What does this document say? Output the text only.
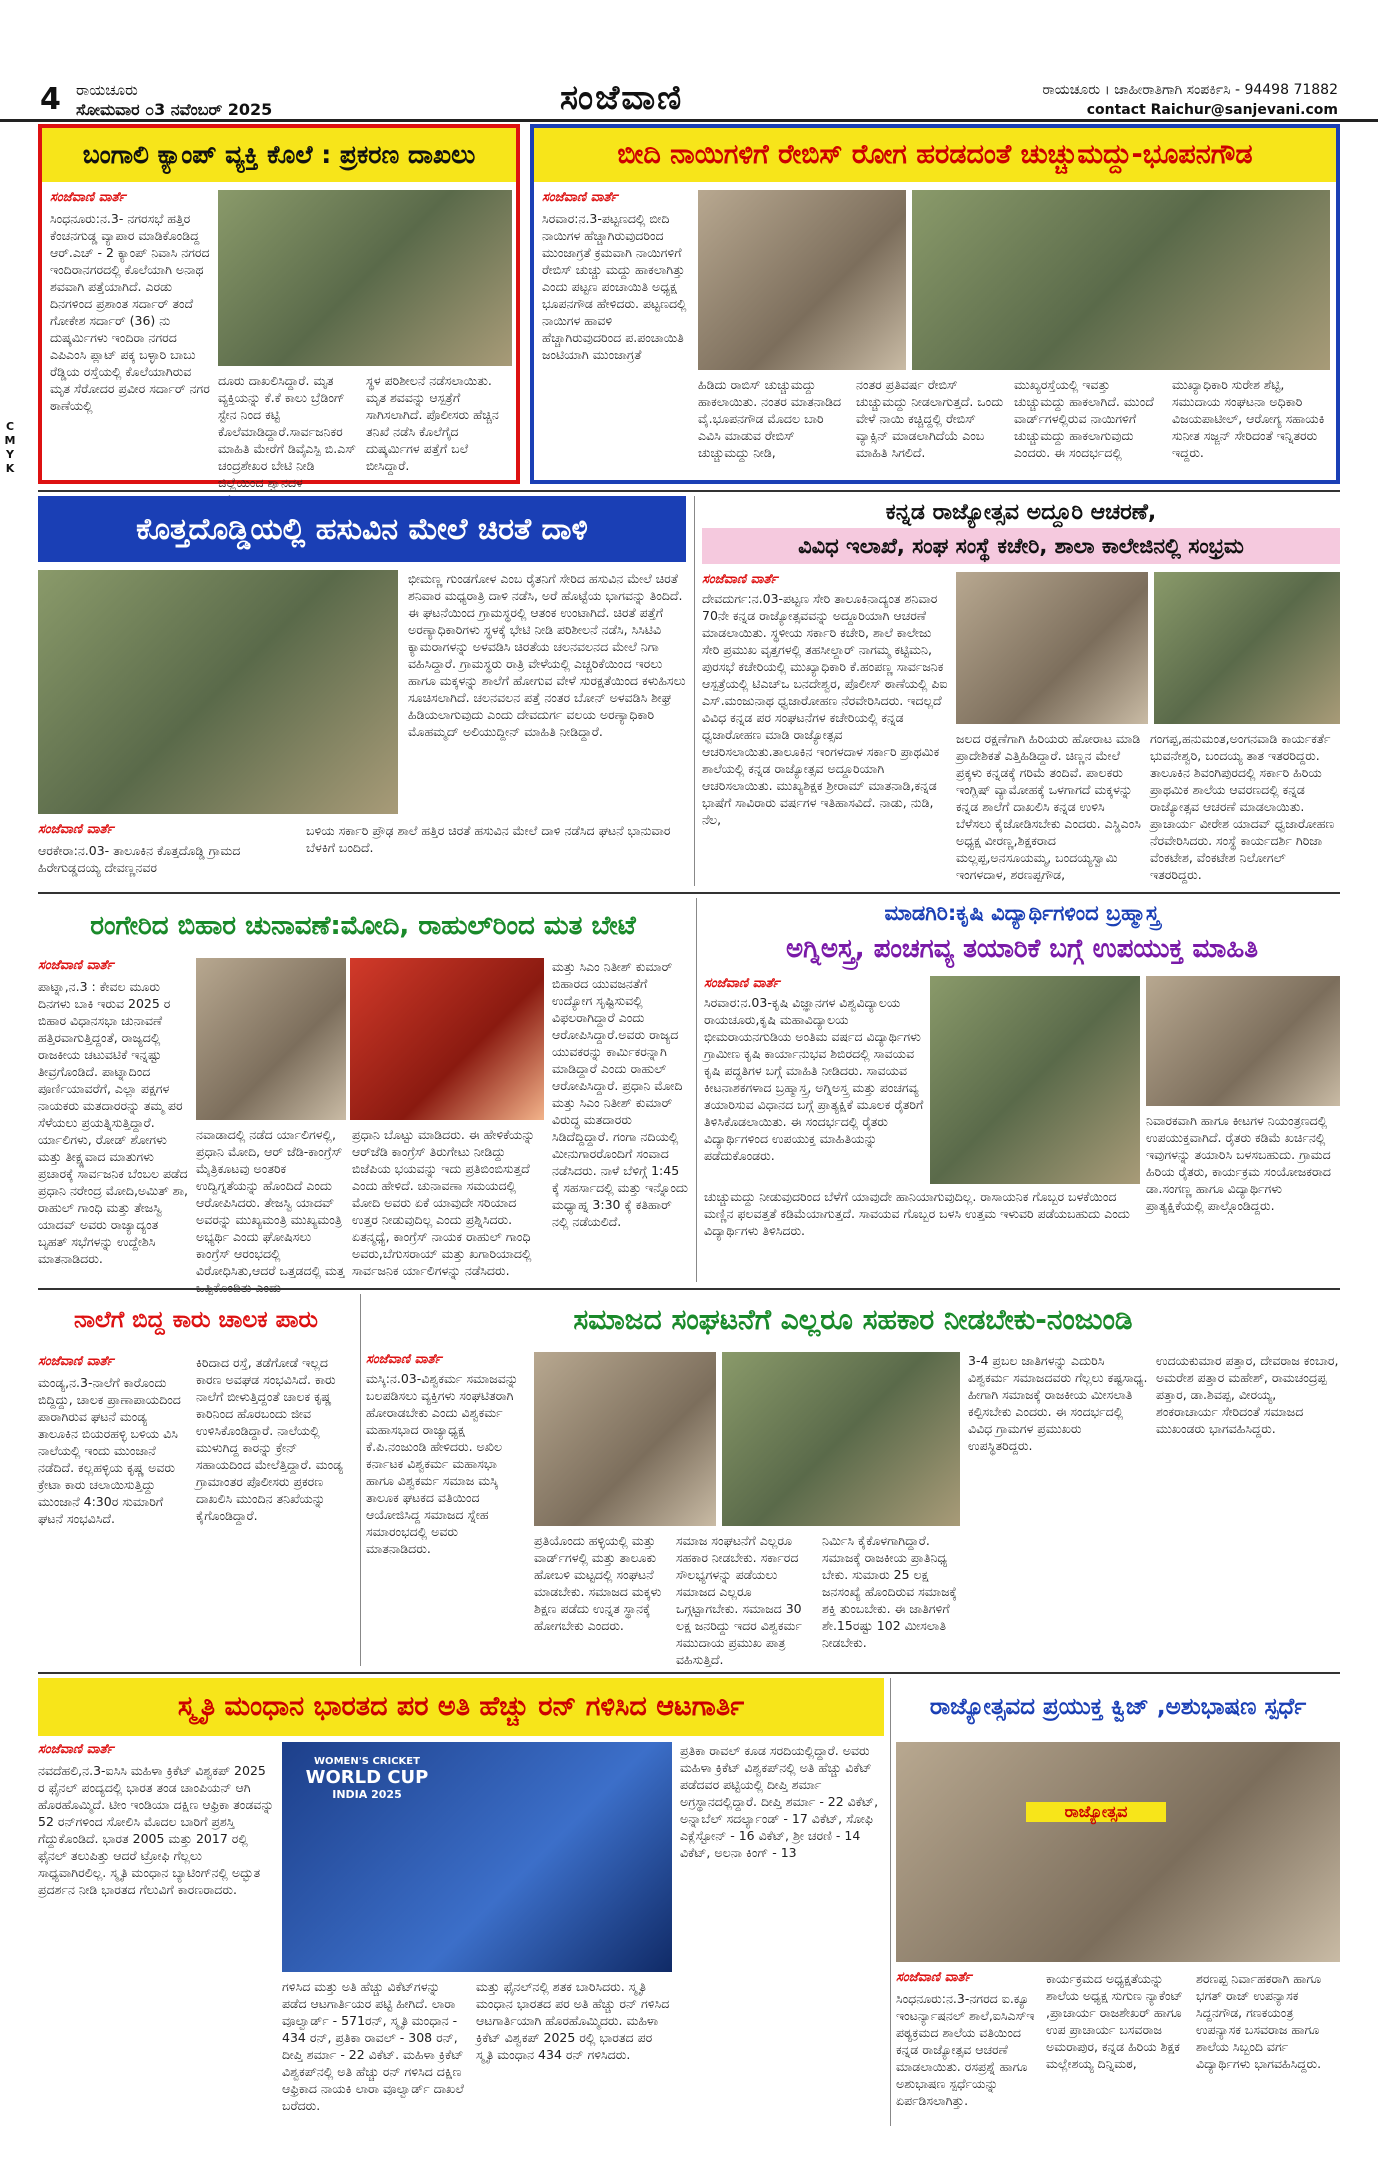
4 ರಾಯಚೂರು
ಸೋಮವಾರ ೦3 ನವೆಂಬರ್ 2025	ಸಂಜೆವಾಣಿ	ರಾಯಚೂರು । ಜಾಹೀರಾತಿಗಾಗಿ ಸಂಪರ್ಕಿಸಿ - 94498 71882
contact Raichur@sanjevani.com
C M Y K
ಬಂಗಾಲಿ ಕ್ಯಾಂಪ್ ವ್ಯಕ್ತಿ ಕೊಲೆ : ಪ್ರಕರಣ ದಾಖಲು
ಸಂಜೆವಾಣಿ ವಾರ್ತೆ
ಸಿಂಧನೂರು:ನ.3- ನಗರಸಭೆ ಹತ್ತಿರ ಕೆಂಚನಗುಡ್ಡ ವ್ಯಾಪಾರ ಮಾಡಿಕೊಂಡಿದ್ದ ಆರ್.ಎಚ್ - 2 ಕ್ಯಾಂಪ್ ನಿವಾಸಿ ನಗರದ ಇಂದಿರಾನಗರದಲ್ಲಿ ಕೊಲೆಯಾಗಿ ಅನಾಥ ಶವವಾಗಿ ಪತ್ತೆಯಾಗಿದೆ. ಎರಡು ದಿನಗಳಿಂದ ಪ್ರಶಾಂತ ಸರ್ದಾರ್ ತಂದೆ ಗೋಕೇಶ ಸರ್ದಾರ್ (36) ನು ದುಷ್ಕರ್ಮಿಗಳು ಇಂದಿರಾ ನಗರದ ಎಪಿಎಂಸಿ ಪ್ಲಾಟ್ ಪಕ್ಕ ಬಳ್ಳಾರಿ ಬಾಬು ರೆಡ್ಡಿಯ ರಸ್ತೆಯಲ್ಲಿ ಕೊಲೆಯಾಗಿರುವ ಮೃತ ಸೆರೋದರ ಪ್ರವೀರ ಸರ್ದಾರ್ ನಗರ ಠಾಣೆಯಲ್ಲಿ
ದೂರು ದಾಖಲಿಸಿದ್ದಾರೆ. ಮೃತ ವ್ಯಕ್ತಿಯನ್ನು ಕೆ.ಕೆ ಕಾಲು ಬ್ರೆಡಿಂಗ್ ಸ್ಟೇನ ನಿಂದ ಕಟ್ಟಿ ಕೊಲೆಮಾಡಿದ್ದಾರೆ.ಸಾರ್ವಜನಿಕರ ಮಾಹಿತಿ ಮೇರೆಗೆ ಡಿವೈಎಸ್ಪಿ ಬಿ.ಎಸ್ ಚಂದ್ರಶೇಖರ ಬೇಟಿ ನೀಡಿ ಜಿಲ್ಲೆಯಿಂದ ಶ್ವಾನದಳ
ಸ್ಥಳ ಪರಿಶೀಲನೆ ನಡೆಸಲಾಯಿತು. ಮೃತ ಶವವನ್ನು ಆಸ್ಪತ್ರೆಗೆ ಸಾಗಿಸಲಾಗಿದೆ. ಪೊಲೀಸರು ಹೆಚ್ಚಿನ ತನಿಖೆ ನಡೆಸಿ ಕೊಲೆಗೈದ ದುಷ್ಕರ್ಮಿಗಳ ಪತ್ತೆಗೆ ಬಲೆ ಬೀಸಿದ್ದಾರೆ.
ಬೀದಿ ನಾಯಿಗಳಿಗೆ ರೇಬಿಸ್ ರೋಗ ಹರಡದಂತೆ ಚುಚ್ಚುಮದ್ದು-ಭೂಪನಗೌಡ
ಸಂಜೆವಾಣಿ ವಾರ್ತೆ
ಸಿರವಾರ:ನ.3-ಪಟ್ಟಣದಲ್ಲಿ ಬೀದಿ ನಾಯಿಗಳ ಹೆಚ್ಚಾಗಿರುವುದರಿಂದ ಮುಂಜಾಗ್ರತೆ ಕ್ರಮವಾಗಿ ನಾಯಿಗಳಿಗೆ ರೇಬಿಸ್ ಚುಚ್ಚು ಮದ್ದು ಹಾಕಲಾಗಿತ್ತು ಎಂದು ಪಟ್ಟಣ ಪಂಚಾಯಿತಿ ಅಧ್ಯಕ್ಷ ಭೂಪನಗೌಡ ಹೇಳಿದರು. ಪಟ್ಟಣದಲ್ಲಿ ನಾಯಿಗಳ ಹಾವಳಿ ಹೆಚ್ಚಾಗಿರುವುದರಿಂದ ಪ.ಪಂಚಾಯಿತಿ ಜಂಟಿಯಾಗಿ ಮುಂಜಾಗ್ರತೆ
ಹಿಡಿದು ರಾಬಿಸ್ ಚುಚ್ಚುಮದ್ದು ಹಾಕಲಾಯಿತು. ನಂತರ ಮಾತನಾಡಿದ ವೈ.ಭೂಪನಗೌಡ ಮೊದಲ ಬಾರಿ ಎವಿಸಿ ಮಾಡುವ ರೇಬಿಸ್ ಚುಚ್ಚುಮದ್ದು ನೀಡಿ,
ನಂತರ ಪ್ರತಿವರ್ಷ ರೇಬಿಸ್ ಚುಚ್ಚುಮದ್ದು ನೀಡಲಾಗುತ್ತದೆ. ಒಂದು ವೇಳೆ ನಾಯಿ ಕಚ್ಚಿದ್ದಲ್ಲಿ ರೇಬಿಸ್ ವ್ಯಾಕ್ಸಿನ್ ಮಾಡಲಾಗಿದೆಯೆ ಎಂಬ ಮಾಹಿತಿ ಸಿಗಲಿದೆ.
ಮುಖ್ಯರಸ್ತೆಯಲ್ಲಿ ಇವತ್ತು ಚುಚ್ಚುಮದ್ದು ಹಾಕಲಾಗಿದೆ. ಮುಂದೆ ವಾರ್ಡ್‌ಗಳಲ್ಲಿರುವ ನಾಯಿಗಳಿಗೆ ಚುಚ್ಚುಮದ್ದು ಹಾಕಲಾಗುವುದು ಎಂದರು. ಈ ಸಂದರ್ಭದಲ್ಲಿ
ಮುಖ್ಯಾಧಿಕಾರಿ ಸುರೇಶ ಶೆಟ್ಟಿ, ಸಮುದಾಯ ಸಂಘಟನಾ ಅಧಿಕಾರಿ ವಿಜಯಪಾಟೀಲ್, ಆರೋಗ್ಯ ಸಹಾಯಕಿ ಸುನೀತ ಸಜ್ಜನ್ ಸೇರಿದಂತೆ ಇನ್ನಿತರರು ಇದ್ದರು.
ಕೊತ್ತದೊಡ್ಡಿಯಲ್ಲಿ ಹಸುವಿನ ಮೇಲೆ ಚಿರತೆ ದಾಳಿ
ಭೀಮಣ್ಣ ಗುಂಡಗೋಳ ಎಂಬ ರೈತನಿಗೆ ಸೇರಿದ ಹಸುವಿನ ಮೇಲೆ ಚಿರತೆ ಶನಿವಾರ ಮಧ್ಯರಾತ್ರಿ ದಾಳಿ ನಡೆಸಿ, ಅರೆ ಹೊಟ್ಟೆಯ ಭಾಗವನ್ನು ತಿಂದಿದೆ. ಈ ಘಟನೆಯಿಂದ ಗ್ರಾಮಸ್ಥರಲ್ಲಿ ಆತಂಕ ಉಂಟಾಗಿದೆ. ಚಿರತೆ ಪತ್ತೆಗೆ ಅರಣ್ಯಾಧಿಕಾರಿಗಳು ಸ್ಥಳಕ್ಕೆ ಭೇಟಿ ನೀಡಿ ಪರಿಶೀಲನೆ ನಡೆಸಿ, ಸಿಸಿಟಿವಿ ಕ್ಯಾಮರಾಗಳನ್ನು ಅಳವಡಿಸಿ ಚಿರತೆಯ ಚಲನವಲನದ ಮೇಲೆ ನಿಗಾ ವಹಿಸಿದ್ದಾರೆ. ಗ್ರಾಮಸ್ಥರು ರಾತ್ರಿ ವೇಳೆಯಲ್ಲಿ ಎಚ್ಚರಿಕೆಯಿಂದ ಇರಲು ಹಾಗೂ ಮಕ್ಕಳನ್ನು ಶಾಲೆಗೆ ಹೋಗುವ ವೇಳೆ ಸುರಕ್ಷತೆಯಿಂದ ಕಳುಹಿಸಲು ಸೂಚಿಸಲಾಗಿದೆ. ಚಲನವಲನ ಪತ್ತೆ ನಂತರ ಬೋನ್ ಅಳವಡಿಸಿ ಶೀಘ್ರ ಹಿಡಿಯಲಾಗುವುದು ಎಂದು ದೇವದುರ್ಗ ವಲಯ ಅರಣ್ಯಾಧಿಕಾರಿ ಮೊಹಮ್ಮದ್ ಅಲಿಯುದ್ದೀನ್ ಮಾಹಿತಿ ನೀಡಿದ್ದಾರೆ.
ಸಂಜೆವಾಣಿ ವಾರ್ತೆ
ಆರಕೇರಾ:ನ.03- ತಾಲೂಕಿನ ಕೊತ್ತದೊಡ್ಡಿ ಗ್ರಾಮದ ಹಿರೇಗುಡ್ಡದಯ್ಯ ದೇವಣ್ಣನವರ
ಬಳಿಯ ಸರ್ಕಾರಿ ಪ್ರೌಢ ಶಾಲೆ ಹತ್ತಿರ ಚಿರತೆ ಹಸುವಿನ ಮೇಲೆ ದಾಳಿ ನಡೆಸಿದ ಘಟನೆ ಭಾನುವಾರ ಬೆಳಕಿಗೆ ಬಂದಿದೆ.
ಕನ್ನಡ ರಾಜ್ಯೋತ್ಸವ ಅದ್ದೂರಿ ಆಚರಣೆ,
ವಿವಿಧ ಇಲಾಖೆ, ಸಂಘ ಸಂಸ್ಥೆ ಕಚೇರಿ, ಶಾಲಾ ಕಾಲೇಜಿನಲ್ಲಿ ಸಂಭ್ರಮ
ಸಂಜೆವಾಣಿ ವಾರ್ತೆ
ದೇವದುರ್ಗ:ನ.03-ಪಟ್ಟಣ ಸೇರಿ ತಾಲೂಕಿನಾದ್ಯಂತ ಶನಿವಾರ 70ನೇ ಕನ್ನಡ ರಾಜ್ಯೋತ್ಸವವನ್ನು ಅದ್ದೂರಿಯಾಗಿ ಆಚರಣೆ ಮಾಡಲಾಯಿತು. ಸ್ಥಳೀಯ ಸರ್ಕಾರಿ ಕಚೇರಿ, ಶಾಲೆ ಕಾಲೇಜು ಸೇರಿ ಪ್ರಮುಖ ವೃತ್ತಗಳಲ್ಲಿ ತಹಸೀಲ್ದಾರ್ ನಾಗಮ್ಮ ಕಟ್ಟಿಮನಿ, ಪುರಸಭೆ ಕಚೇರಿಯಲ್ಲಿ ಮುಖ್ಯಾಧಿಕಾರಿ ಕೆ.ಹಂಪಣ್ಣ ಸಾರ್ವಜನಿಕ ಆಸ್ಪತ್ರೆಯಲ್ಲಿ ಟಿಎಚ್‌ಒ ಬನದೇಶ್ವರ, ಪೊಲೀಸ್ ಠಾಣೆಯಲ್ಲಿ ಪಿಐ ಎಸ್.ಮಂಜುನಾಥ ಧ್ವಜಾರೋಹಣ ನೆರವೇರಿಸಿದರು. ಇದಲ್ಲದೆ ವಿವಿಧ ಕನ್ನಡ ಪರ ಸಂಘಟನೆಗಳ ಕಚೇರಿಯಲ್ಲಿ ಕನ್ನಡ ಧ್ವಜಾರೋಹಣ ಮಾಡಿ ರಾಜ್ಯೋತ್ಸವ ಆಚರಿಸಲಾಯಿತು.ತಾಲೂಕಿನ ಇಂಗಳದಾಳ ಸರ್ಕಾರಿ ಪ್ರಾಥಮಿಕ ಶಾಲೆಯಲ್ಲಿ ಕನ್ನಡ ರಾಜ್ಯೋತ್ಸವ ಅದ್ದೂರಿಯಾಗಿ ಆಚರಿಸಲಾಯಿತು. ಮುಖ್ಯಶಿಕ್ಷಕ ಶ್ರೀರಾಮ್ ಮಾತನಾಡಿ,ಕನ್ನಡ ಭಾಷೆಗೆ ಸಾವಿರಾರು ವರ್ಷಗಳ ಇತಿಹಾಸವಿದೆ. ನಾಡು, ನುಡಿ, ನೆಲ,
ಜಲದ ರಕ್ಷಣೆಗಾಗಿ ಹಿರಿಯರು ಹೋರಾಟ ಮಾಡಿ ಪ್ರಾದೇಶಿಕತೆ ಎತ್ತಿಹಿಡಿದ್ದಾರೆ. ಚಿಣ್ಣನ ಮೇಲೆ ಪ್ರಕ್ಕಳು ಕನ್ನಡಕ್ಕೆ ಗರಿಮೆ ತಂದಿವೆ. ಪಾಲಕರು ಇಂಗ್ಲಿಷ್ ವ್ಯಾಮೋಹಕ್ಕೆ ಒಳಗಾಗದೆ ಮಕ್ಕಳನ್ನು ಕನ್ನಡ ಶಾಲೆಗೆ ದಾಖಲಿಸಿ ಕನ್ನಡ ಉಳಿಸಿ ಬೆಳೆಸಲು ಕೈಜೋಡಿಸಬೇಕು ಎಂದರು. ಎಸ್ಡಿಎಂಸಿ ಅಧ್ಯಕ್ಷ ವೀರಣ್ಣ,ಶಿಕ್ಷಕರಾದ ಮಲ್ಲಪ್ಪ,ಅನಸೂಯಮ್ಮ, ಬಂದಯ್ಯಸ್ವಾಮಿ ಇಂಗಳದಾಳ, ಶರಣಪ್ಪಗೌಡ,
ಗಂಗಪ್ಪ,ಹನುಮಂತ,ಅಂಗನವಾಡಿ ಕಾರ್ಯಕರ್ತೆ ಭುವನೇಶ್ವರಿ, ಬಂದಯ್ಯ ತಾತ ಇತರರಿದ್ದರು. ತಾಲೂಕಿನ ಶಿವಂಗಿಪುರದಲ್ಲಿ ಸರ್ಕಾರಿ ಹಿರಿಯ ಪ್ರಾಥಮಿಕ ಶಾಲೆಯ ಆವರಣದಲ್ಲಿ ಕನ್ನಡ ರಾಜ್ಯೋತ್ಸವ ಆಚರಣೆ ಮಾಡಲಾಯಿತು. ಪ್ರಾಚಾರ್ಯ ವೀರೇಶ ಯಾದವ್ ಧ್ವಜಾರೋಹಣ ನೆರವೇರಿಸಿದರು. ಸಂಸ್ಥೆ ಕಾರ್ಯದರ್ಶಿ ಗಿರಿಜಾ ವೆಂಕಟೇಶ, ವೆಂಕಟೇಶ ನಿಲೋಗಲ್ ಇತರರಿದ್ದರು.
ರಂಗೇರಿದ ಬಿಹಾರ ಚುನಾವಣೆ:ಮೋದಿ, ರಾಹುಲ್‌ರಿಂದ ಮತ ಬೇಟೆ
ಸಂಜೆವಾಣಿ ವಾರ್ತೆ
ಪಾಟ್ನಾ,ನ.3 : ಕೇವಲ ಮೂರು ದಿನಗಳು ಬಾಕಿ ಇರುವ 2025 ರ ಬಿಹಾರ ವಿಧಾನಸಭಾ ಚುನಾವಣೆ ಹತ್ತಿರವಾಗುತ್ತಿದ್ದಂತೆ, ರಾಜ್ಯದಲ್ಲಿ ರಾಜಕೀಯ ಚಟುವಟಿಕೆ ಇನ್ನಷ್ಟು ತೀವ್ರಗೊಂಡಿದೆ. ಪಾಟ್ನಾದಿಂದ ಪೂರ್ಣಿಯಾವರೆಗೆ, ಎಲ್ಲಾ ಪಕ್ಷಗಳ ನಾಯಕರು ಮತದಾರರನ್ನು ತಮ್ಮ ಪರ ಸೆಳೆಯಲು ಪ್ರಯತ್ನಿಸುತ್ತಿದ್ದಾರೆ. ರ್ಯಾಲಿಗಳು, ರೋಡ್ ಶೋಗಳು ಮತ್ತು ತೀಕ್ಷ್ಣವಾದ ಮಾತುಗಳು ಪ್ರಚಾರಕ್ಕೆ ಸಾರ್ವಜನಿಕ ಬೆಂಬಲ ಪಡೆದ ಪ್ರಧಾನಿ ನರೇಂದ್ರ ಮೋದಿ,ಅಮಿತ್ ಶಾ, ರಾಹುಲ್ ಗಾಂಧಿ ಮತ್ತು ತೇಜಸ್ವಿ ಯಾದವ್ ಅವರು ರಾಜ್ಯಾದ್ಯಂತ ಬೃಹತ್ ಸಭೆಗಳನ್ನು ಉದ್ದೇಶಿಸಿ ಮಾತನಾಡಿದರು.
ನವಾಡಾದಲ್ಲಿ ನಡೆದ ರ್ಯಾಲಿಗಳಲ್ಲಿ, ಪ್ರಧಾನಿ ಮೋದಿ, ಆರ್ ಜೆಡಿ-ಕಾಂಗ್ರೆಸ್ ಮೈತ್ರಿಕೂಟವು ಅಂತರಿಕ ಉದ್ವಿಗ್ನತೆಯನ್ನು ಹೊಂದಿದೆ ಎಂದು ಆರೋಪಿಸಿದರು. ತೇಜಸ್ವಿ ಯಾದವ್ ಅವರನ್ನು ಮುಖ್ಯಮಂತ್ರಿ ಮುಖ್ಯಮಂತ್ರಿ ಅಭ್ಯರ್ಥಿ ಎಂದು ಘೋಷಿಸಲು ಕಾಂಗ್ರೆಸ್ ಆರಂಭದಲ್ಲಿ ವಿರೋಧಿಸಿತು,ಆದರೆ ಒತ್ತಡದಲ್ಲಿ ಮತ್ತ
ಪ್ರಧಾನಿ ಬೊಟ್ಟು ಮಾಡಿದರು. ಈ ಹೇಳಿಕೆಯನ್ನು ಆರ್‌ಜೆಡಿ ಕಾಂಗ್ರೆಸ್ ತಿರುಗೇಟು ನೀಡಿದ್ದು ಬಿಜೆಪಿಯ ಭಯವನ್ನು ಇದು ಪ್ರತಿಬಿಂಬಿಸುತ್ತದೆ ಎಂದು ಹೇಳಿದೆ. ಚುನಾವಣಾ ಸಮಯದಲ್ಲಿ ಮೋದಿ ಅವರು ಏಕೆ ಯಾವುದೇ ಸರಿಯಾದ ಉತ್ತರ ನೀಡುವುದಿಲ್ಲ ಎಂದು ಪ್ರಶ್ನಿಸಿದರು. ಏತನ್ಮಧ್ಯೆ, ಕಾಂಗ್ರೆಸ್ ನಾಯಕ ರಾಹುಲ್ ಗಾಂಧಿ ಅವರು,ಬೆಗುಸರಾಯ್ ಮತ್ತು ಖಗಾರಿಯಾದಲ್ಲಿ ಸಾರ್ವಜನಿಕ ರ್ಯಾಲಿಗಳನ್ನು ನಡೆಸಿದರು.
ಮತ್ತು ಸಿಎಂ ನಿತೀಶ್ ಕುಮಾರ್ ಬಿಹಾರದ ಯುವಜನತೆಗೆ ಉದ್ಯೋಗ ಸೃಷ್ಟಿಸುವಲ್ಲಿ ವಿಫಲರಾಗಿದ್ದಾರೆ ಎಂದು ಆರೋಪಿಸಿದ್ದಾರೆ.ಅವರು ರಾಜ್ಯದ ಯುವಕರನ್ನು ಕಾರ್ಮಿಕರನ್ನಾಗಿ ಮಾಡಿದ್ದಾರೆ ಎಂದು ರಾಹುಲ್ ಆರೋಪಿಸಿದ್ದಾರೆ. ಪ್ರಧಾನಿ ಮೋದಿ ಮತ್ತು ಸಿಎಂ ನಿತೀಶ್ ಕುಮಾರ್ ವಿರುದ್ಧ ಮತದಾರರು ಸಿಡಿದೆದ್ದಿದ್ದಾರೆ. ಗಂಗಾ ನದಿಯಲ್ಲಿ ಮೀನುಗಾರರೊಂದಿಗೆ ಸಂವಾದ ನಡೆಸಿದರು. ನಾಳೆ ಬೆಳಿಗ್ಗೆ 1:45 ಕ್ಕೆ ಸಹರ್ಸಾದಲ್ಲಿ ಮತ್ತು ಇನ್ನೊಂದು ಮಧ್ಯಾಹ್ನ 3:30 ಕ್ಕೆ ಕತಿಹಾರ್ ನಲ್ಲಿ ನಡೆಯಲಿದೆ.
ಮಾಡಗಿರಿ:ಕೃಷಿ ವಿದ್ಯಾರ್ಥಿಗಳಿಂದ ಬ್ರಹ್ಮಾಸ್ತ್ರ
ಅಗ್ನಿಅಸ್ತ್ರ, ಪಂಚಗವ್ಯ ತಯಾರಿಕೆ ಬಗ್ಗೆ ಉಪಯುಕ್ತ ಮಾಹಿತಿ
ಸಂಜೆವಾಣಿ ವಾರ್ತೆ
ಸಿರವಾರ:ನ.03-ಕೃಷಿ ವಿಜ್ಞಾನಗಳ ವಿಶ್ವವಿದ್ಯಾಲಯ ರಾಯಚೂರು,ಕೃಷಿ ಮಹಾವಿದ್ಯಾಲಯ ಭೀಮರಾಯನಗುಡಿಯ ಅಂತಿಮ ವರ್ಷದ ವಿದ್ಯಾರ್ಥಿಗಳು ಗ್ರಾಮೀಣ ಕೃಷಿ ಕಾರ್ಯಾನುಭವ ಶಿಬಿರದಲ್ಲಿ ಸಾವಯವ ಕೃಷಿ ಪದ್ಧತಿಗಳ ಬಗ್ಗೆ ಮಾಹಿತಿ ನೀಡಿದರು. ಸಾವಯವ ಕೀಟನಾಶಕಗಳಾದ ಬ್ರಹ್ಮಾಸ್ತ್ರ, ಅಗ್ನಿಅಸ್ತ್ರ ಮತ್ತು ಪಂಚಗವ್ಯ ತಯಾರಿಸುವ ವಿಧಾನದ ಬಗ್ಗೆ ಪ್ರಾತ್ಯಕ್ಷಿಕೆ ಮೂಲಕ ರೈತರಿಗೆ ತಿಳಿಸಿಕೊಡಲಾಯಿತು. ಈ ಸಂದರ್ಭದಲ್ಲಿ ರೈತರು ವಿದ್ಯಾರ್ಥಿಗಳಿಂದ ಉಪಯುಕ್ತ ಮಾಹಿತಿಯನ್ನು ಪಡೆದುಕೊಂಡರು.
ಚುಚ್ಚುಮದ್ದು ನೀಡುವುದರಿಂದ ಬೆಳೆಗೆ ಯಾವುದೇ ಹಾನಿಯಾಗುವುದಿಲ್ಲ. ರಾಸಾಯನಿಕ ಗೊಬ್ಬರ ಬಳಕೆಯಿಂದ ಮಣ್ಣಿನ ಫಲವತ್ತತೆ ಕಡಿಮೆಯಾಗುತ್ತದೆ. ಸಾವಯವ ಗೊಬ್ಬರ ಬಳಸಿ ಉತ್ತಮ ಇಳುವರಿ ಪಡೆಯಬಹುದು ಎಂದು ವಿದ್ಯಾರ್ಥಿಗಳು ತಿಳಿಸಿದರು.
ನಿವಾರಕವಾಗಿ ಹಾಗೂ ಕೀಟಗಳ ನಿಯಂತ್ರಣದಲ್ಲಿ ಉಪಯುಕ್ತವಾಗಿದೆ. ರೈತರು ಕಡಿಮೆ ಖರ್ಚಿನಲ್ಲಿ ಇವುಗಳನ್ನು ತಯಾರಿಸಿ ಬಳಸಬಹುದು. ಗ್ರಾಮದ ಹಿರಿಯ ರೈತರು, ಕಾರ್ಯಕ್ರಮ ಸಂಯೋಜಕರಾದ ಡಾ.ಸಂಗಣ್ಣ ಹಾಗೂ ವಿದ್ಯಾರ್ಥಿಗಳು ಪ್ರಾತ್ಯಕ್ಷಿಕೆಯಲ್ಲಿ ಪಾಲ್ಗೊಂಡಿದ್ದರು.
ನಾಲೆಗೆ ಬಿದ್ದ ಕಾರು ಚಾಲಕ ಪಾರು
ಸಂಜೆವಾಣಿ ವಾರ್ತೆ
ಮಂಡ್ಯ,ನ.3-ನಾಲೆಗೆ ಕಾರೊಂದು ಬಿದ್ದಿದ್ದು, ಚಾಲಕ ಪ್ರಾಣಾಪಾಯದಿಂದ ಪಾರಾಗಿರುವ ಘಟನೆ ಮಂಡ್ಯ ತಾಲೂಕಿನ ಬಿಯರಹಳ್ಳಿ ಬಳಿಯ ವಿಸಿ ನಾಲೆಯಲ್ಲಿ ಇಂದು ಮುಂಜಾನೆ ನಡೆದಿದೆ. ಕಲ್ಲಹಳ್ಳಿಯ ಕೃಷ್ಣ ಅವರು ಕ್ರೇಟಾ ಕಾರು ಚಲಾಯಿಸುತ್ತಿದ್ದು ಮುಂಜಾನೆ 4:30ರ ಸುಮಾರಿಗೆ ಘಟನೆ ಸಂಭವಿಸಿದೆ.
ಕಿರಿದಾದ ರಸ್ತೆ, ತಡೆಗೋಡೆ ಇಲ್ಲದ ಕಾರಣ ಅವಘಡ ಸಂಭವಿಸಿದೆ. ಕಾರು ನಾಲೆಗೆ ಬೀಳುತ್ತಿದ್ದಂತೆ ಚಾಲಕ ಕೃಷ್ಣ ಕಾರಿನಿಂದ ಹೊರಬಂದು ಜೀವ ಉಳಿಸಿಕೊಂಡಿದ್ದಾರೆ. ನಾಲೆಯಲ್ಲಿ ಮುಳುಗಿದ್ದ ಕಾರನ್ನು ಕ್ರೇನ್ ಸಹಾಯದಿಂದ ಮೇಲೆತ್ತಿದ್ದಾರೆ. ಮಂಡ್ಯ ಗ್ರಾಮಾಂತರ ಪೊಲೀಸರು ಪ್ರಕರಣ ದಾಖಲಿಸಿ ಮುಂದಿನ ತನಿಖೆಯನ್ನು ಕೈಗೊಂಡಿದ್ದಾರೆ.
ಸಮಾಜದ ಸಂಘಟನೆಗೆ ಎಲ್ಲರೂ ಸಹಕಾರ ನೀಡಬೇಕು-ನಂಜುಂಡಿ
ಸಂಜೆವಾಣಿ ವಾರ್ತೆ
ಮಸ್ಕಿ:ನ.03-ವಿಶ್ವಕರ್ಮ ಸಮಾಜವನ್ನು ಬಲಪಡಿಸಲು ವ್ಯಕ್ತಿಗಳು ಸಂಘಟಿತರಾಗಿ ಹೋರಾಡಬೇಕು ಎಂದು ವಿಶ್ವಕರ್ಮ ಮಹಾಸಭಾದ ರಾಜ್ಯಾಧ್ಯಕ್ಷ ಕೆ.ಪಿ.ನಂಜುಂಡಿ ಹೇಳಿದರು. ಅಖಿಲ ಕರ್ನಾಟಕ ವಿಶ್ವಕರ್ಮ ಮಹಾಸಭಾ ಹಾಗೂ ವಿಶ್ವಕರ್ಮ ಸಮಾಜ ಮಸ್ಕಿ ತಾಲೂಕ ಘಟಕದ ವತಿಯಿಂದ ಆಯೋಜಿಸಿದ್ದ ಸಮಾಜದ ಸ್ನೇಹ ಸಮಾರಂಭದಲ್ಲಿ ಅವರು ಮಾತನಾಡಿದರು.
ಪ್ರತಿಯೊಂದು ಹಳ್ಳಿಯಲ್ಲಿ ಮತ್ತು ವಾರ್ಡ್‌ಗಳಲ್ಲಿ ಮತ್ತು ತಾಲೂಕು ಹೋಬಳಿ ಮಟ್ಟದಲ್ಲಿ ಸಂಘಟನೆ ಮಾಡಬೇಕು. ಸಮಾಜದ ಮಕ್ಕಳು ಶಿಕ್ಷಣ ಪಡೆದು ಉನ್ನತ ಸ್ಥಾನಕ್ಕೆ ಹೋಗಬೇಕು ಎಂದರು.
ಸಮಾಜ ಸಂಘಟನೆಗೆ ಎಲ್ಲರೂ ಸಹಕಾರ ನೀಡಬೇಕು. ಸರ್ಕಾರದ ಸೌಲಭ್ಯಗಳನ್ನು ಪಡೆಯಲು ಸಮಾಜದ ಎಲ್ಲರೂ ಒಗ್ಗಟ್ಟಾಗಬೇಕು. ಸಮಾಜದ 30 ಲಕ್ಷ ಜನರಿದ್ದು ಇದರ ವಿಶ್ವಕರ್ಮ ಸಮುದಾಯ ಪ್ರಮುಖ ಪಾತ್ರ ವಹಿಸುತ್ತಿದೆ.
ನಿರ್ಮಿಸಿ ಕೈಕೊಳಗಾಗಿದ್ದಾರೆ. ಸಮಾಜಕ್ಕೆ ರಾಜಕೀಯ ಪ್ರಾತಿನಿಧ್ಯ ಬೇಕು. ಸುಮಾರು 25 ಲಕ್ಷ ಜನಸಂಖ್ಯೆ ಹೊಂದಿರುವ ಸಮಾಜಕ್ಕೆ ಶಕ್ತಿ ತುಂಬಬೇಕು. ಈ ಜಾತಿಗಳಿಗೆ ಶೇ.15ರಷ್ಟು 102 ಮೀಸಲಾತಿ ನೀಡಬೇಕು.
3-4 ಪ್ರಬಲ ಜಾತಿಗಳನ್ನು ಎದುರಿಸಿ ವಿಶ್ವಕರ್ಮ ಸಮಾಜದವರು ಗೆಲ್ಲಲು ಕಷ್ಟಸಾಧ್ಯ. ಹೀಗಾಗಿ ಸಮಾಜಕ್ಕೆ ರಾಜಕೀಯ ಮೀಸಲಾತಿ ಕಲ್ಪಿಸಬೇಕು ಎಂದರು. ಈ ಸಂದರ್ಭದಲ್ಲಿ ವಿವಿಧ ಗ್ರಾಮಗಳ ಪ್ರಮುಖರು ಉಪಸ್ಥಿತರಿದ್ದರು.
ಉದಯಕುಮಾರ ಪತ್ತಾರ, ದೇವರಾಜ ಕಂಬಾರ, ಅಮರೇಶ ಪತ್ತಾರ ಮಹೇಶ್, ರಾಮಚಂದ್ರಪ್ಪ ಪತ್ತಾರ, ಡಾ.ಶಿವಪ್ಪ, ವೀರಯ್ಯ, ಶಂಕರಾಚಾರ್ಯ ಸೇರಿದಂತೆ ಸಮಾಜದ ಮುಖಂಡರು ಭಾಗವಹಿಸಿದ್ದರು.
ಸ್ಮೃತಿ ಮಂಧಾನ ಭಾರತದ ಪರ ಅತಿ ಹೆಚ್ಚು ರನ್ ಗಳಿಸಿದ ಆಟಗಾರ್ತಿ
ಸಂಜೆವಾಣಿ ವಾರ್ತೆ
ನವದೆಹಲಿ,ನ.3-ಐಸಿಸಿ ಮಹಿಳಾ ಕ್ರಿಕೆಟ್ ವಿಶ್ವಕಪ್ 2025 ರ ಫೈನಲ್ ಪಂದ್ಯದಲ್ಲಿ ಭಾರತ ತಂಡ ಚಾಂಪಿಯನ್ ಆಗಿ ಹೊರಹೊಮ್ಮಿದೆ. ಟೀಂ ಇಂಡಿಯಾ ದಕ್ಷಿಣ ಆಫ್ರಿಕಾ ತಂಡವನ್ನು 52 ರನ್‌ಗಳಿಂದ ಸೋಲಿಸಿ ಮೊದಲ ಬಾರಿಗೆ ಪ್ರಶಸ್ತಿ ಗೆದ್ದುಕೊಂಡಿದೆ. ಭಾರತ 2005 ಮತ್ತು 2017 ರಲ್ಲಿ ಫೈನಲ್ ತಲುಪಿತ್ತು ಆದರೆ ಟ್ರೋಫಿ ಗೆಲ್ಲಲು ಸಾಧ್ಯವಾಗಿರಲಿಲ್ಲ. ಸ್ಮೃತಿ ಮಂಧಾನ ಬ್ಯಾಟಿಂಗ್‌ನಲ್ಲಿ ಅದ್ಭುತ ಪ್ರದರ್ಶನ ನೀಡಿ ಭಾರತದ ಗೆಲುವಿಗೆ ಕಾರಣರಾದರು.
WOMEN'S CRICKET
WORLD CUP
INDIA 2025
ಗಳಿಸಿದ ಮತ್ತು ಅತಿ ಹೆಚ್ಚು ವಿಕೆಟ್‌ಗಳನ್ನು ಪಡೆದ ಆಟಗಾರ್ತಿಯರ ಪಟ್ಟಿ ಹೀಗಿದೆ. ಲಾರಾ ವೂಲ್ವಾರ್ಡ್ - 571ರನ್, ಸ್ಮೃತಿ ಮಂಧಾನ - 434 ರನ್, ಪ್ರತಿಕಾ ರಾವಲ್ - 308 ರನ್, ದೀಪ್ತಿ ಶರ್ಮಾ - 22 ವಿಕೆಟ್. ಮಹಿಳಾ ಕ್ರಿಕೆಟ್ ವಿಶ್ವಕಪ್‌ನಲ್ಲಿ ಅತಿ ಹೆಚ್ಚು ರನ್ ಗಳಿಸಿದ ದಕ್ಷಿಣ ಆಫ್ರಿಕಾದ ನಾಯಕಿ ಲಾರಾ ವೂಲ್ವಾರ್ಡ್ ದಾಖಲೆ ಬರೆದರು.
ಮತ್ತು ಫೈನಲ್‌ನಲ್ಲಿ ಶತಕ ಬಾರಿಸಿದರು. ಸ್ಮೃತಿ ಮಂಧಾನ ಭಾರತದ ಪರ ಅತಿ ಹೆಚ್ಚು ರನ್ ಗಳಿಸಿದ ಆಟಗಾರ್ತಿಯಾಗಿ ಹೊರಹೊಮ್ಮಿದರು. ಮಹಿಳಾ ಕ್ರಿಕೆಟ್ ವಿಶ್ವಕಪ್ 2025 ರಲ್ಲಿ ಭಾರತದ ಪರ ಸ್ಮೃತಿ ಮಂಧಾನ 434 ರನ್ ಗಳಿಸಿದರು.
ಪ್ರತಿಕಾ ರಾವಲ್ ಕೂಡ ಸರದಿಯಲ್ಲಿದ್ದಾರೆ. ಅವರು ಮಹಿಳಾ ಕ್ರಿಕೆಟ್ ವಿಶ್ವಕಪ್‌ನಲ್ಲಿ ಅತಿ ಹೆಚ್ಚು ವಿಕೆಟ್ ಪಡೆದವರ ಪಟ್ಟಿಯಲ್ಲಿ ದೀಪ್ತಿ ಶರ್ಮಾ ಅಗ್ರಸ್ಥಾನದಲ್ಲಿದ್ದಾರೆ. ದೀಪ್ತಿ ಶರ್ಮಾ - 22 ವಿಕೆಟ್, ಅನ್ನಾಬೆಲ್ ಸದರ್ಲ್ಯಾಂಡ್ - 17 ವಿಕೆಟ್, ಸೋಫಿ ಎಕ್ಲೆಸ್ಟೋನ್ - 16 ವಿಕೆಟ್, ಶ್ರೀ ಚರಣಿ - 14 ವಿಕೆಟ್, ಅಲನಾ ಕಿಂಗ್ - 13
ರಾಜ್ಯೋತ್ಸವದ ಪ್ರಯುಕ್ತ ಕ್ವಿಜ್ ,ಅಶುಭಾಷಣ ಸ್ಪರ್ಧೆ
ರಾಜ್ಯೋತ್ಸವ
ಸಂಜೆವಾಣಿ ವಾರ್ತೆ
ಸಿಂಧನೂರು:ನ.3-ನಗರದ ಐ.ಕ್ಯೂ ಇಂಟರ್ನ್ಯಾಷನಲ್ ಶಾಲೆ,ಐಸಿಎಸ್‌ಇ ಪಠ್ಯಕ್ರಮದ ಶಾಲೆಯ ವತಿಯಿಂದ ಕನ್ನಡ ರಾಜ್ಯೋತ್ಸವ ಆಚರಣೆ ಮಾಡಲಾಯಿತು. ರಸಪ್ರಶ್ನೆ ಹಾಗೂ ಅಶುಭಾಷಣ ಸ್ಪರ್ಧೆಯನ್ನು ಏರ್ಪಡಿಸಲಾಗಿತ್ತು.
ಕಾರ್ಯಕ್ರಮದ ಅಧ್ಯಕ್ಷತೆಯನ್ನು ಶಾಲೆಯ ಅಧ್ಯಕ್ಷ ಸುಗುಣ ನ್ಯಾಕೆಂಟ್ ,ಪ್ರಾಚಾರ್ಯ ರಾಜಶೇಖರ್ ಹಾಗೂ ಉಪ ಪ್ರಾಚಾರ್ಯ ಬಸವರಾಜ ಅಮರಾಪುರ, ಕನ್ನಡ ಹಿರಿಯ ಶಿಕ್ಷಕ ಮಲ್ಲೇಶಯ್ಯ ದಿನ್ನಿಮಠ,
ಶರಣಪ್ಪ ನಿರ್ವಾಹಕರಾಗಿ ಹಾಗೂ ಭಗತ್ ರಾಜ್ ಉಪನ್ಯಾಸಕ ಸಿದ್ದನಗೌಡ, ಗಣಕಯಂತ್ರ ಉಪನ್ಯಾಸಕ ಬಸವರಾಜ ಹಾಗೂ ಶಾಲೆಯ ಸಿಬ್ಬಂದಿ ವರ್ಗ ವಿದ್ಯಾರ್ಥಿಗಳು ಭಾಗವಹಿಸಿದ್ದರು.
